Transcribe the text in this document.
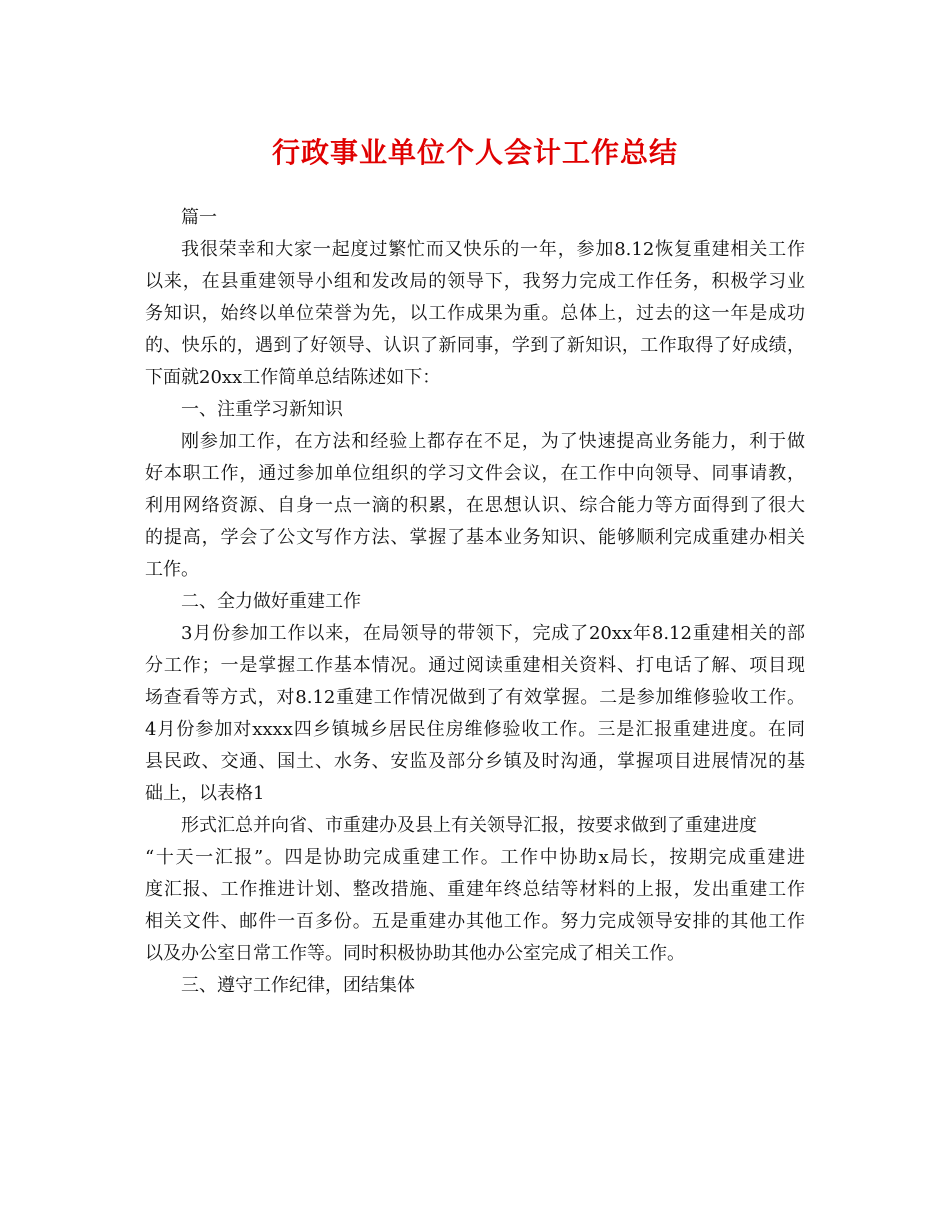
行政事业单位个人会计工作总结
篇一
我很荣幸和大家一起度过繁忙而又快乐的一年，参加8.12恢复重建相关工作
以来，在县重建领导小组和发改局的领导下，我努力完成工作任务，积极学习业
务知识，始终以单位荣誉为先，以工作成果为重。总体上，过去的这一年是成功
的、快乐的，遇到了好领导、认识了新同事，学到了新知识，工作取得了好成绩，
下面就20xx工作简单总结陈述如下：
一、注重学习新知识
刚参加工作，在方法和经验上都存在不足，为了快速提高业务能力，利于做
好本职工作，通过参加单位组织的学习文件会议，在工作中向领导、同事请教，
利用网络资源、自身一点一滴的积累，在思想认识、综合能力等方面得到了很大
的提高，学会了公文写作方法、掌握了基本业务知识、能够顺利完成重建办相关
工作。
二、全力做好重建工作
3月份参加工作以来，在局领导的带领下，完成了20xx年8.12重建相关的部
分工作；一是掌握工作基本情况。通过阅读重建相关资料、打电话了解、项目现
场查看等方式，对8.12重建工作情况做到了有效掌握。二是参加维修验收工作。
4月份参加对xxxx四乡镇城乡居民住房维修验收工作。三是汇报重建进度。在同
县民政、交通、国土、水务、安监及部分乡镇及时沟通，掌握项目进展情况的基
础上，以表格1
形式汇总并向省、市重建办及县上有关领导汇报，按要求做到了重建进度
“十天一汇报”。四是协助完成重建工作。工作中协助x局长，按期完成重建进
度汇报、工作推进计划、整改措施、重建年终总结等材料的上报，发出重建工作
相关文件、邮件一百多份。五是重建办其他工作。努力完成领导安排的其他工作
以及办公室日常工作等。同时积极协助其他办公室完成了相关工作。
三、遵守工作纪律，团结集体
